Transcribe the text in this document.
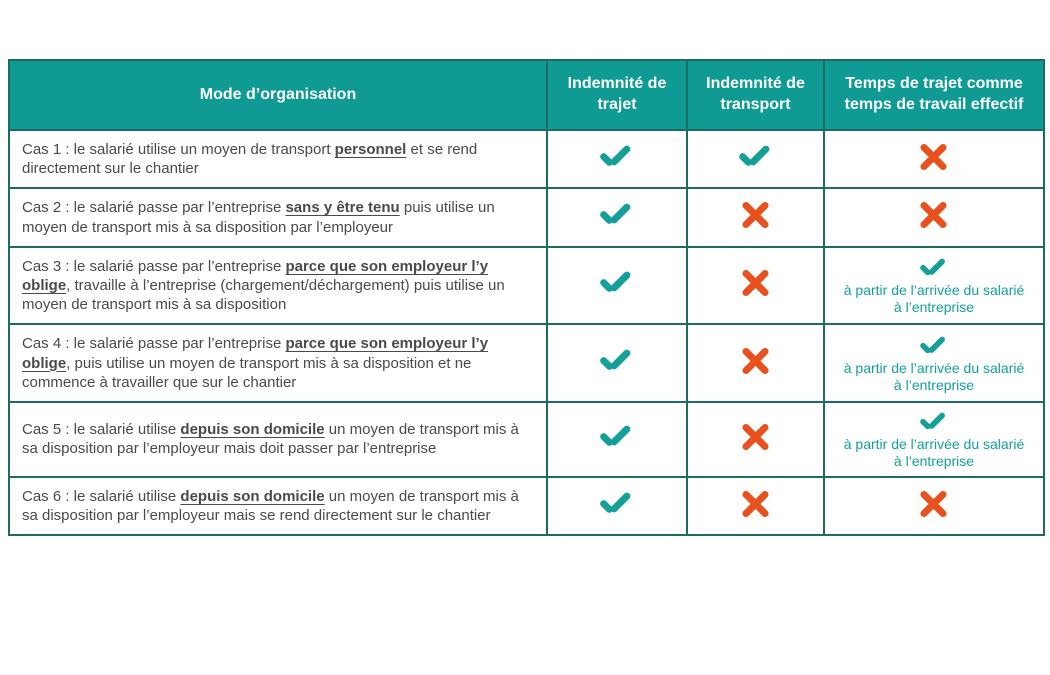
Mode d’organisation	Indemnité de trajet	Indemnité de transport	Temps de trajet comme temps de travail effectif
Cas 1 : le salarié utilise un moyen de transport personnel et se rend directement sur le chantier			
Cas 2 : le salarié passe par l’entreprise sans y être tenu puis utilise un moyen de transport mis à sa disposition par l’employeur			
Cas 3 : le salarié passe par l’entreprise parce que son employeur l’y oblige, travaille à l’entreprise (chargement/déchargement) puis utilise un moyen de transport mis à sa disposition			à partir de l’arrivée du salarié à l’entreprise

Cas 4 : le salarié passe par l’entreprise parce que son employeur l’y oblige, puis utilise un moyen de transport mis à sa disposition et ne commence à travailler que sur le chantier			à partir de l’arrivée du salarié à l’entreprise

Cas 5 : le salarié utilise depuis son domicile un moyen de transport mis à sa disposition par l’employeur mais doit passer par l’entreprise			à partir de l’arrivée du salarié à l’entreprise

Cas 6 : le salarié utilise depuis son domicile un moyen de transport mis à sa disposition par l’employeur mais se rend directement sur le chantier			
